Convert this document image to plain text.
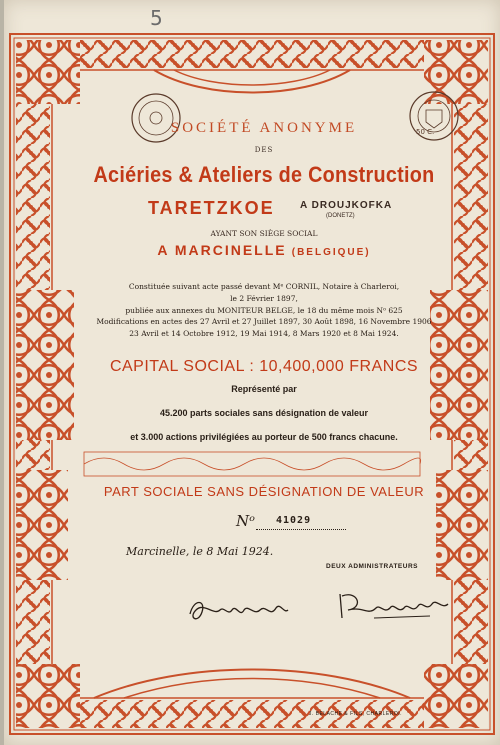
5
SOCIÉTÉ ANONYME
DES
Aciéries & Ateliers de Construction
TARETZKOE	A DROUJKOFKA
(DONETZ)
AYANT SON SIÈGE SOCIAL
A MARCINELLE (BELGIQUE)
Constituée suivant acte passé devant Mᵉ CORNIL, Notaire à Charleroi,
le 2 Février 1897,
publiée aux annexes du MONITEUR BELGE, le 18 du même mois Nᵒ 625
Modifications en actes des 27 Avril et 27 Juillet 1897, 30 Août 1898, 16 Novembre 1906
23 Avril et 14 Octobre 1912, 19 Mai 1914, 8 Mars 1920 et 8 Mai 1924.
CAPITAL SOCIAL : 10,400,000 FRANCS
Représenté par
45.200 parts sociales sans désignation de valeur
et 3.000 actions privilégiées au porteur de 500 francs chacune.
PART SOCIALE SANS DÉSIGNATION DE VALEUR
Nᵒ 41029
Marcinelle, le 8 Mai 1924.
DEUX ADMINISTRATEURS
J. BELACHE & FILS, CHARLEROI.
50 C.
